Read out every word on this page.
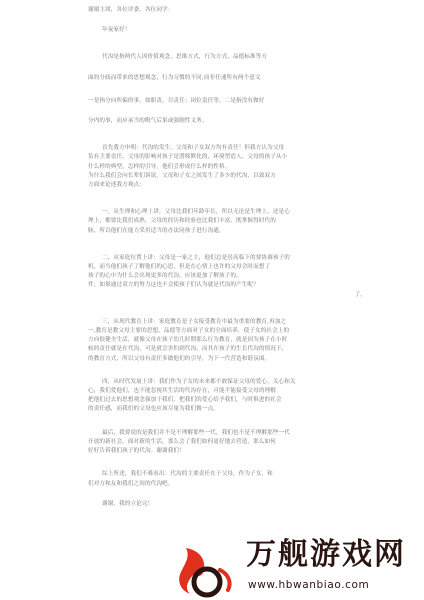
谢谢主席，各位评委，各位同学：
年夜家好！
代沟是指两代人因价值观念，思维方式，行为方式，品德标准等方
面的分歧而带来的思想观念，行为习惯的不同,而非任速所有两个意义
一是指分向所偏的事，如职责，尽责任；岗位责任等。二是指没有做好
分内的事，而应承当的晦气后果或强制性义务。
首先我方申明：代沟的发生，父母和子女双方均有责任！但我方认为父母
负有主要责任，父母的影响对孩子是潜移默化的，环境塑造人，父母的孩子从小
什么样的典型，怎样的引导，他们会形成什么样的性格。
为什么我们会向长辈们诉说，父母和子女之间发生了多少的代沟，以致双方
方面来论述我方观点：
一，从生理和心理上讲，父母比我们年龄年长，所以无论是生理上，还是心
理上，都要比我们成熟，父母的经历和经验也比我们丰富，既掌握得时代的
脉，所以他们在能力采用适当的办法同孩子进行沟通。
二，从家庭位置上讲：父母是一家之主，他们总是居高临下的要协调孩子的
机，而当他们孩子了解他们的心思，但是在心情上也许的父母会时而想了
孩子的心中为什么会出现更多的代沟，应该更加了解孩子的。
件，如果通过双方的努力这也不会使孩子们认为就是代沟的产生呢？
了。
三，从现代教育上讲：家庭教育是子女接受教育中最为重要的教育,再加之
一,教育是教父母主要的思想，品德等方面对子女的全面培养，使子女的社会上的
方向很健全生活，就像父母在孩子幼儿时期那么行为教育，就是因为孩子在小时
候的责任就是在代沟，可是就会害怕到代沟，而其在孩子的生长代沟的情况下，
的教育方式，所以父母有责任多做他们的引导，为下一代营造和谐氛围。
四，从时代发展上讲：我们作为子女的未来都不敢保证父母的爱心，关心和关
心，我们爱他们，也不能忽视其生活的代沟存在，可能不能接受父母的理解
把他们过去的思想观念强加于我们，把我们的爱心给予我们，与时俱进的社会
的责任感，而我们的父母也应该尽量为我们做一点。
最后，我要说的是我们并不是不理解那些一代，我们也不是不理解那些一代
开放的新社会，面对新的生活，那么会了我们如何更好地去营造，那么如何
好好告诉我们孩子的代沟。谢谢我们！
综上所述，我们不难看出：代沟的主要责任在于父母，作为子女，和
们对方和友和我们之间的代沟吧。
谢谢，我的立论完！
万舰游戏网
www.hbwanbiao.com
